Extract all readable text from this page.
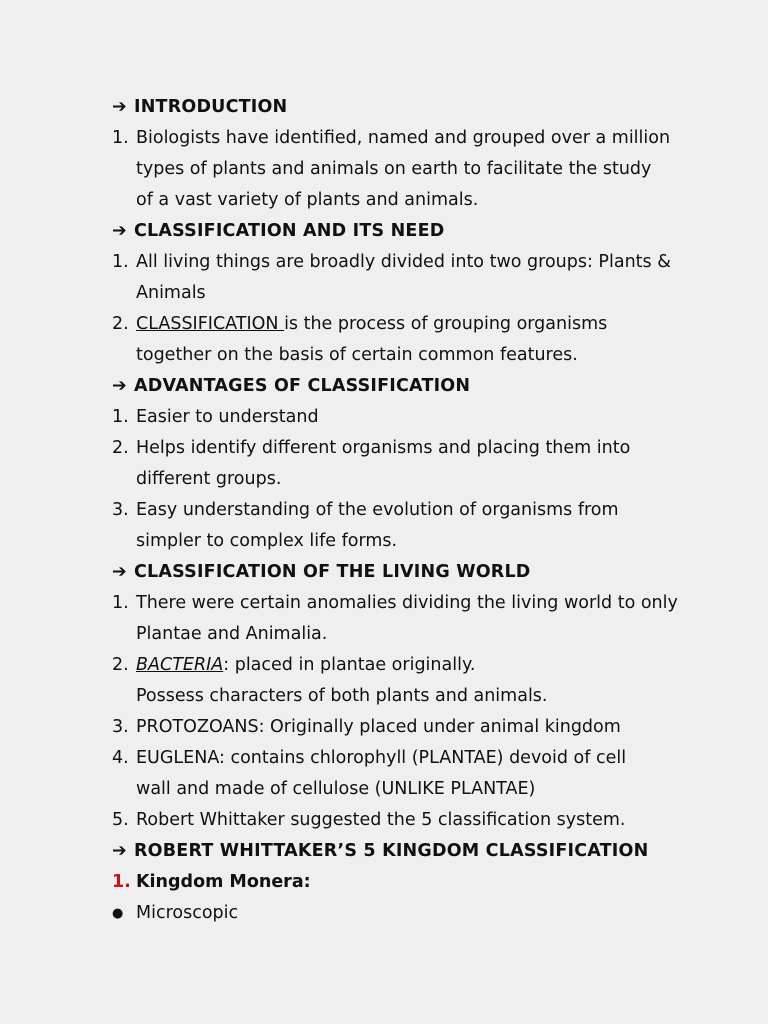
➔ INTRODUCTION
1. Biologists have identified, named and grouped over a million
types of plants and animals on earth to facilitate the study
of a vast variety of plants and animals.
➔ CLASSIFICATION AND ITS NEED
1. All living things are broadly divided into two groups: Plants &
Animals
2. CLASSIFICATION is the process of grouping organisms
together on the basis of certain common features.
➔ ADVANTAGES OF CLASSIFICATION
1. Easier to understand
2. Helps identify different organisms and placing them into
different groups.
3. Easy understanding of the evolution of organisms from
simpler to complex life forms.
➔ CLASSIFICATION OF THE LIVING WORLD
1. There were certain anomalies dividing the living world to only
Plantae and Animalia.
2. BACTERIA: placed in plantae originally.
Possess characters of both plants and animals.
3. PROTOZOANS: Originally placed under animal kingdom
4. EUGLENA: contains chlorophyll (PLANTAE) devoid of cell
wall and made of cellulose (UNLIKE PLANTAE)
5. Robert Whittaker suggested the 5 classification system.
➔ ROBERT WHITTAKER’S 5 KINGDOM CLASSIFICATION
1. Kingdom Monera:
● Microscopic
